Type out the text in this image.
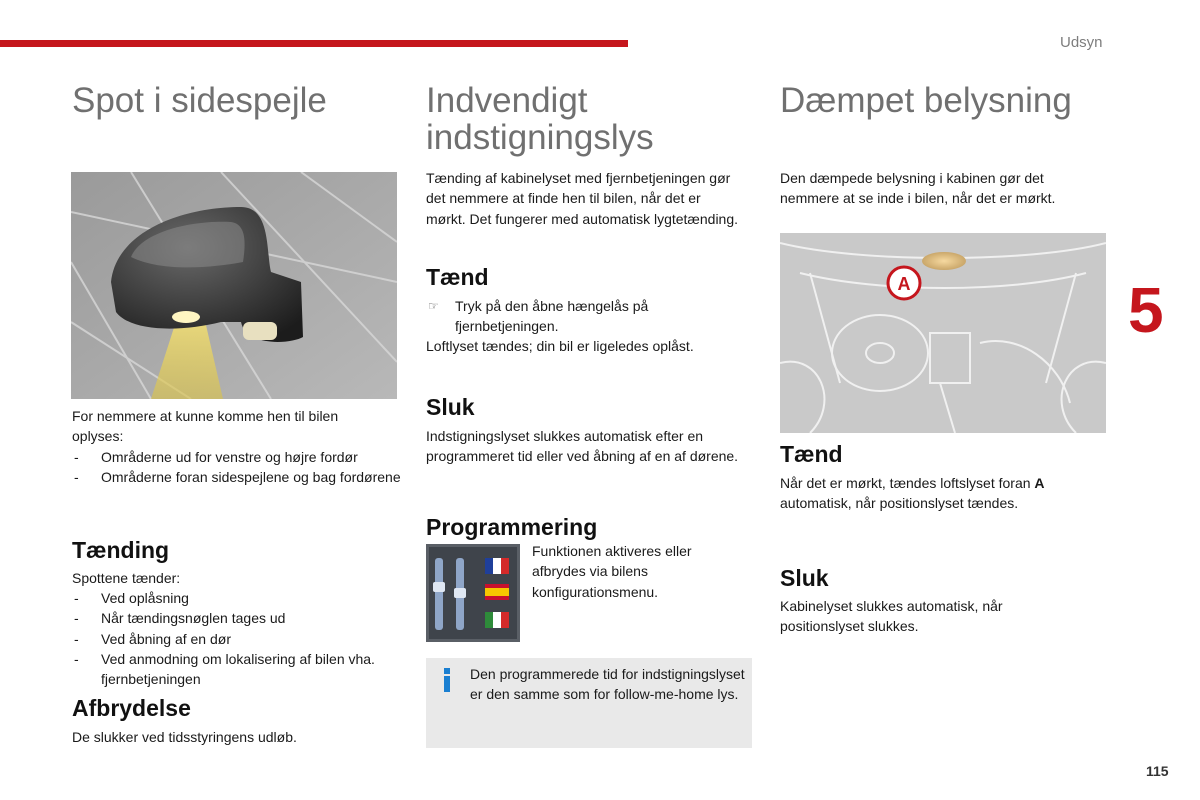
Udsyn
5
Spot i sidespejle

For nemmere at kunne komme hen til bilen oplyses:

- Områderne ud for venstre og højre fordør
- Områderne foran sidespejlene og bag fordørene
Tænding

Spottene tænder:

- Ved oplåsning
- Når tændingsnøglen tages ud
- Ved åbning af en dør
- Ved anmodning om lokalisering af bilen vha. fjernbetjeningen
Afbrydelse

De slukker ved tidsstyringens udløb.

Indvendigt indstigningslys

Tænding af kabinelyset med fjernbetjeningen gør det nemmere at finde hen til bilen, når det er mørkt. Det fungerer med automatisk lygtetænding.

Tænd
☞ Tryk på den åbne hængelås på fjernbetjeningen.

Loftlyset tændes; din bil er ligeledes oplåst.

Sluk

Indstigningslyset slukkes automatisk efter en programmeret tid eller ved åbning af en af dørene.

Programmering

Funktionen aktiveres eller afbrydes via bilens konfigurationsmenu.

Den programmerede tid for indstigningslyset er den samme som for follow-me-home lys.

Dæmpet belysning

Den dæmpede belysning i kabinen gør det nemmere at se inde i bilen, når det er mørkt.

A
Tænd

Når det er mørkt, tændes loftslyset foran A automatisk, når positionslyset tændes.

Sluk

Kabinelyset slukkes automatisk, når positionslyset slukkes.

115
